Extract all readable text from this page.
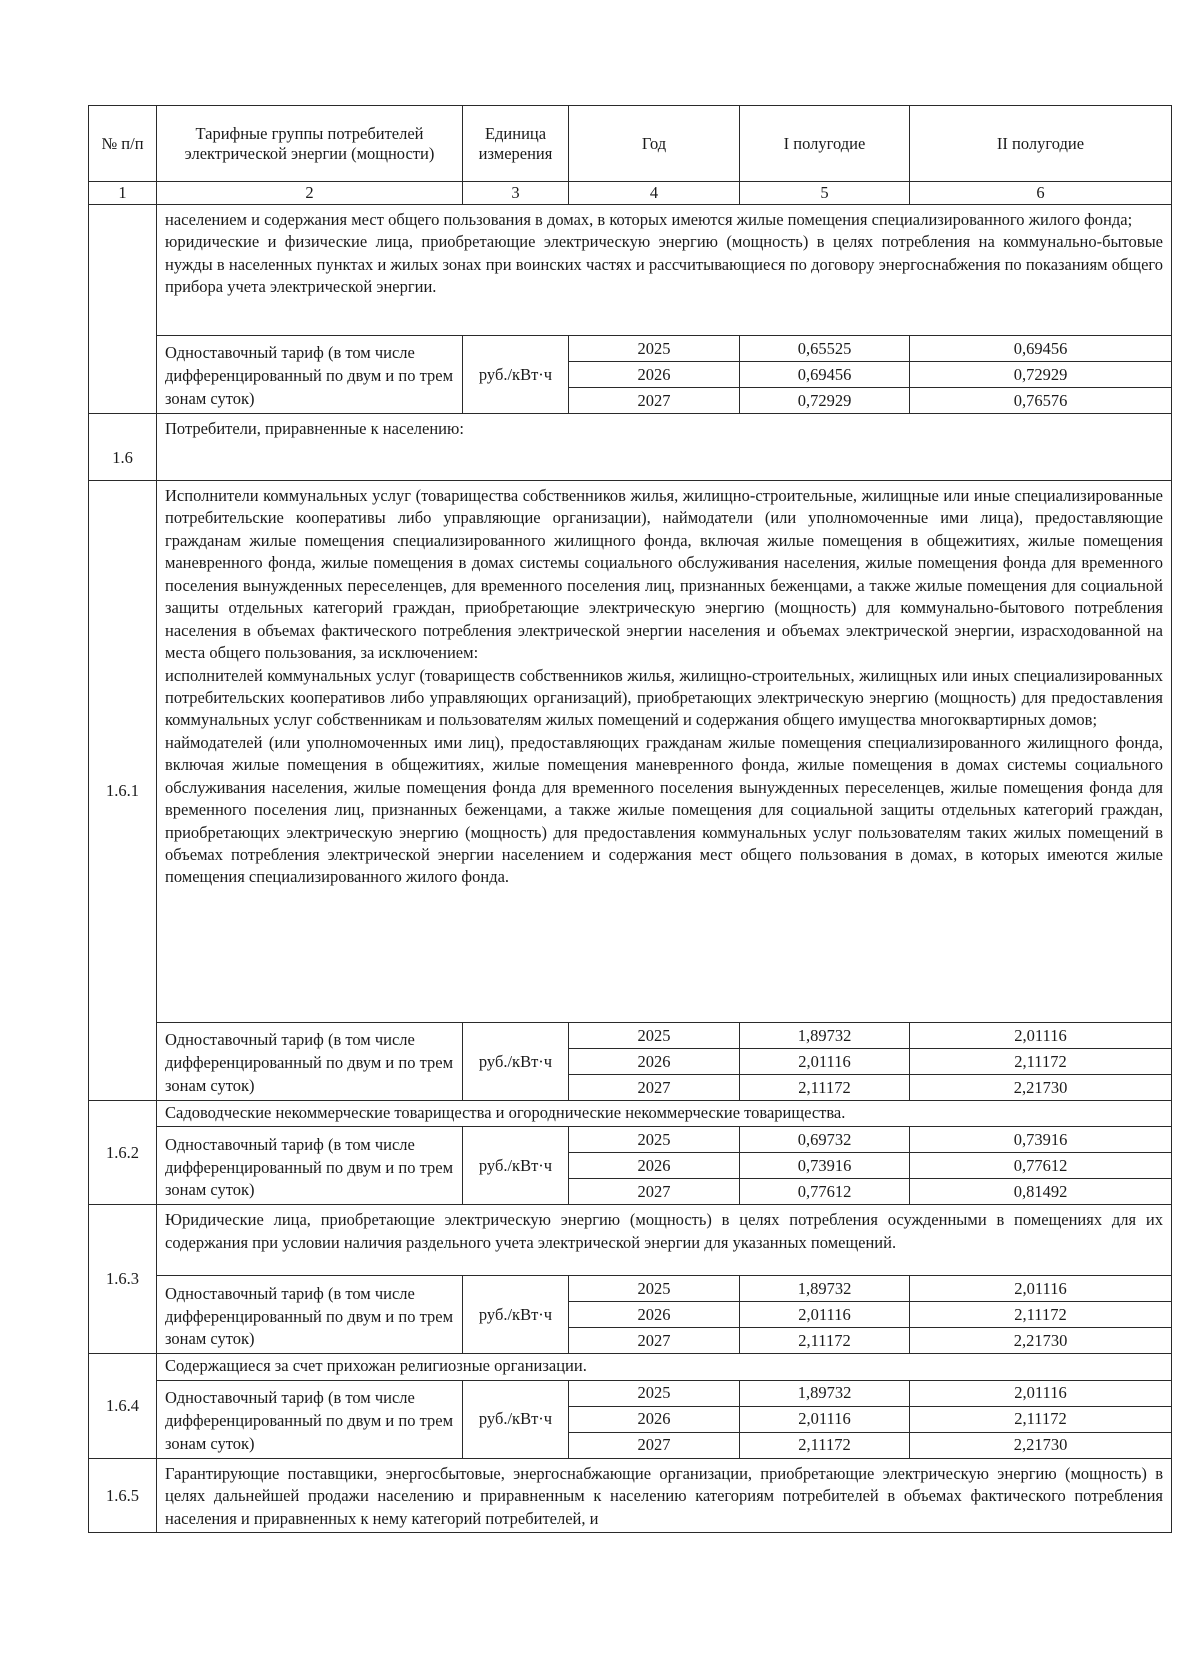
№ п/п	Тарифные группы потребителей электрической энергии (мощности)	Единица измерения	Год	I полугодие	II полугодие
1	2	3	4	5	6

	населением и содержания мест общего пользования в домах, в которых имеются жилые помещения специализированного жилого фонда;

юридические и физические лица, приобретающие электрическую энергию (мощность) в целях потребления на коммунально-бытовые нужды в населенных пунктах и жилых зонах при воинских частях и рассчитывающиеся по договору энергоснабжения по показаниям общего прибора учета электрической энергии.				

	Одноставочный тариф (в том числе дифференцированный по двум и по трем зонам суток)	руб./кВт·ч	2025	0,65525	0,69456
			2026	0,69456	0,72929
			2027	0,72929	0,76576
1.6	Потребители, приравненные к населению:				

1.6.1	Исполнители коммунальных услуг (товарищества собственников жилья, жилищно-строительные, жилищные или иные специализированные потребительские кооперативы либо управляющие организации), наймодатели (или уполномоченные ими лица), предоставляющие гражданам жилые помещения специализированного жилищного фонда, включая жилые помещения в общежитиях, жилые помещения маневренного фонда, жилые помещения в домах системы социального обслуживания населения, жилые помещения фонда для временного поселения вынужденных переселенцев, для временного поселения лиц, признанных беженцами, а также жилые помещения для социальной защиты отдельных категорий граждан, приобретающие электрическую энергию (мощность) для коммунально-бытового потребления населения в объемах фактического потребления электрической энергии населения и объемах электрической энергии, израсходованной на места общего пользования, за исключением:

исполнителей коммунальных услуг (товариществ собственников жилья, жилищно-строительных, жилищных или иных специализированных потребительских кооперативов либо управляющих организаций), приобретающих электрическую энергию (мощность) для предоставления коммунальных услуг собственникам и пользователям жилых помещений и содержания общего имущества многоквартирных домов;

наймодателей (или уполномоченных ими лиц), предоставляющих гражданам жилые помещения специализированного жилищного фонда, включая жилые помещения в общежитиях, жилые помещения маневренного фонда, жилые помещения в домах системы социального обслуживания населения, жилые помещения фонда для временного поселения вынужденных переселенцев, жилые помещения фонда для временного поселения лиц, признанных беженцами, а также жилые помещения для социальной защиты отдельных категорий граждан, приобретающих электрическую энергию (мощность) для предоставления коммунальных услуг пользователям таких жилых помещений в объемах потребления электрической энергии населением и содержания мест общего пользования в домах, в которых имеются жилые помещения специализированного жилого фонда.				

	Одноставочный тариф (в том числе дифференцированный по двум и по трем зонам суток)	руб./кВт·ч	2025	1,89732	2,01116
			2026	2,01116	2,11172
			2027	2,11172	2,21730
1.6.2	Садоводческие некоммерческие товарищества и огороднические некоммерческие товарищества.				

	Одноставочный тариф (в том числе дифференцированный по двум и по трем зонам суток)	руб./кВт·ч	2025	0,69732	0,73916
			2026	0,73916	0,77612
			2027	0,77612	0,81492
1.6.3	Юридические лица, приобретающие электрическую энергию (мощность) в целях потребления осужденными в помещениях для их содержания при условии наличия раздельного учета электрической энергии для указанных помещений.				

	Одноставочный тариф (в том числе дифференцированный по двум и по трем зонам суток)	руб./кВт·ч	2025	1,89732	2,01116
			2026	2,01116	2,11172
			2027	2,11172	2,21730
1.6.4	Содержащиеся за счет прихожан религиозные организации.				

	Одноставочный тариф (в том числе дифференцированный по двум и по трем зонам суток)	руб./кВт·ч	2025	1,89732	2,01116
			2026	2,01116	2,11172
			2027	2,11172	2,21730
1.6.5	Гарантирующие поставщики, энергосбытовые, энергоснабжающие организации, приобретающие электрическую энергию (мощность) в целях дальнейшей продажи населению и приравненным к населению категориям потребителей в объемах фактического потребления населения и приравненных к нему категорий потребителей, и				
